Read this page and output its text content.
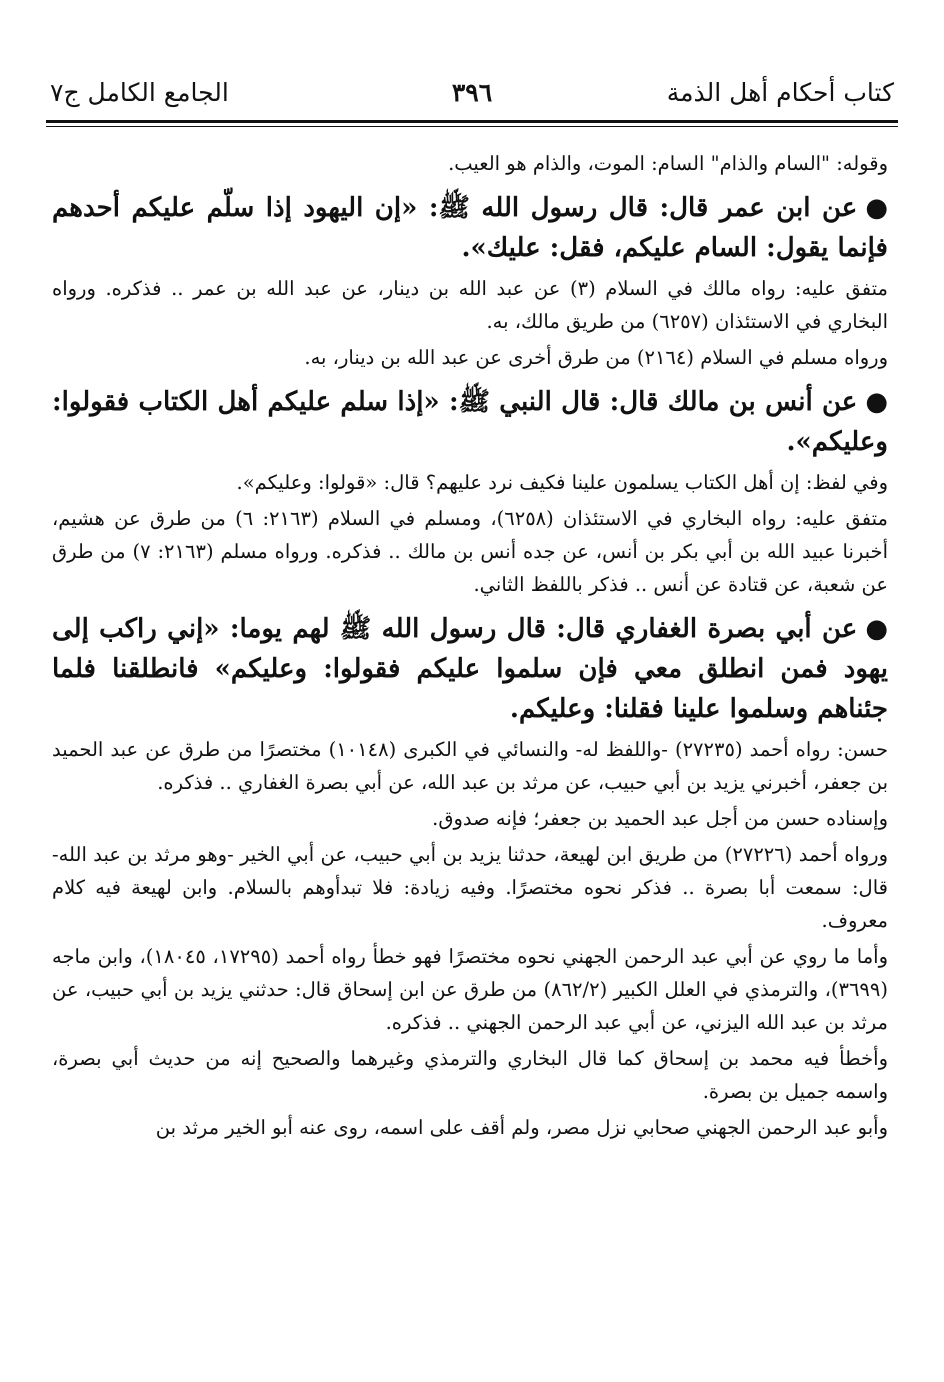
كتاب أحكام أهل الذمة
٣٩٦
الجامع الكامل ج٧

وقوله: "السام والذام" السام: الموت، والذام هو العيب.

●عن ابن عمر قال: قال رسول الله ﷺ: «إن اليهود إذا سلّم عليكم أحدهم فإنما يقول: السام عليكم، فقل: عليك».

متفق عليه: رواه مالك في السلام (٣) عن عبد الله بن دينار، عن عبد الله بن عمر .. فذكره. ورواه البخاري في الاستئذان (٦٢٥٧) من طريق مالك، به.

ورواه مسلم في السلام (٢١٦٤) من طرق أخرى عن عبد الله بن دينار، به.

●عن أنس بن مالك قال: قال النبي ﷺ: «إذا سلم عليكم أهل الكتاب فقولوا: وعليكم».

وفي لفظ: إن أهل الكتاب يسلمون علينا فكيف نرد عليهم؟ قال: «قولوا: وعليكم».

متفق عليه: رواه البخاري في الاستئذان (٦٢٥٨)، ومسلم في السلام (٢١٦٣: ٦) من طرق عن هشيم، أخبرنا عبيد الله بن أبي بكر بن أنس، عن جده أنس بن مالك .. فذكره. ورواه مسلم (٢١٦٣: ٧) من طرق عن شعبة، عن قتادة عن أنس .. فذكر باللفظ الثاني.

●عن أبي بصرة الغفاري قال: قال رسول الله ﷺ لهم يوما: «إني راكب إلى يهود فمن انطلق معي فإن سلموا عليكم فقولوا: وعليكم» فانطلقنا فلما جئناهم وسلموا علينا فقلنا: وعليكم.

حسن: رواه أحمد (٢٧٢٣٥) -واللفظ له- والنسائي في الكبرى (١٠١٤٨) مختصرًا من طرق عن عبد الحميد بن جعفر، أخبرني يزيد بن أبي حبيب، عن مرثد بن عبد الله، عن أبي بصرة الغفاري .. فذكره.

وإسناده حسن من أجل عبد الحميد بن جعفر؛ فإنه صدوق.

ورواه أحمد (٢٧٢٢٦) من طريق ابن لهيعة، حدثنا يزيد بن أبي حبيب، عن أبي الخير -وهو مرثد بن عبد الله- قال: سمعت أبا بصرة .. فذكر نحوه مختصرًا. وفيه زيادة: فلا تبدأوهم بالسلام. وابن لهيعة فيه كلام معروف.

وأما ما روي عن أبي عبد الرحمن الجهني نحوه مختصرًا فهو خطأ رواه أحمد (١٧٢٩٥، ١٨٠٤٥)، وابن ماجه (٣٦٩٩)، والترمذي في العلل الكبير (٨٦٢/٢) من طرق عن ابن إسحاق قال: حدثني يزيد بن أبي حبيب، عن مرثد بن عبد الله اليزني، عن أبي عبد الرحمن الجهني .. فذكره.

وأخطأ فيه محمد بن إسحاق كما قال البخاري والترمذي وغيرهما والصحيح إنه من حديث أبي بصرة، واسمه جميل بن بصرة.

وأبو عبد الرحمن الجهني صحابي نزل مصر، ولم أقف على اسمه، روى عنه أبو الخير مرثد بن
